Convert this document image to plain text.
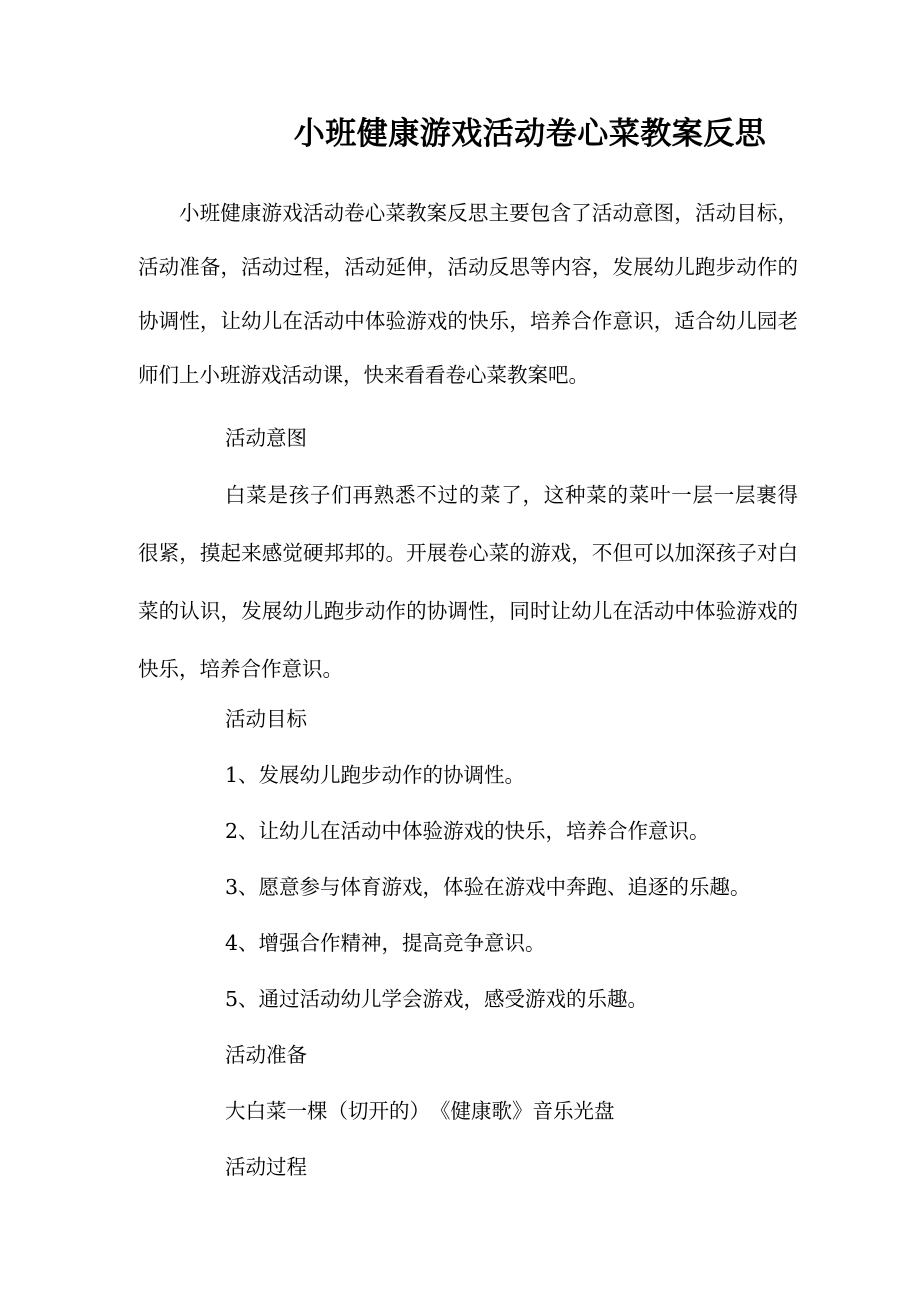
小班健康游戏活动卷心菜教案反思

小班健康游戏活动卷心菜教案反思主要包含了活动意图，活动目标，活动准备，活动过程，活动延伸，活动反思等内容，发展幼儿跑步动作的协调性，让幼儿在活动中体验游戏的快乐，培养合作意识，适合幼儿园老师们上小班游戏活动课，快来看看卷心菜教案吧。

活动意图

白菜是孩子们再熟悉不过的菜了，这种菜的菜叶一层一层裹得很紧，摸起来感觉硬邦邦的。开展卷心菜的游戏，不但可以加深孩子对白菜的认识，发展幼儿跑步动作的协调性，同时让幼儿在活动中体验游戏的快乐，培养合作意识。

活动目标

1、发展幼儿跑步动作的协调性。

2、让幼儿在活动中体验游戏的快乐，培养合作意识。

3、愿意参与体育游戏，体验在游戏中奔跑、追逐的乐趣。

4、增强合作精神，提高竞争意识。

5、通过活动幼儿学会游戏，感受游戏的乐趣。

活动准备

大白菜一棵（切开的）　《健康歌》音乐光盘

活动过程
